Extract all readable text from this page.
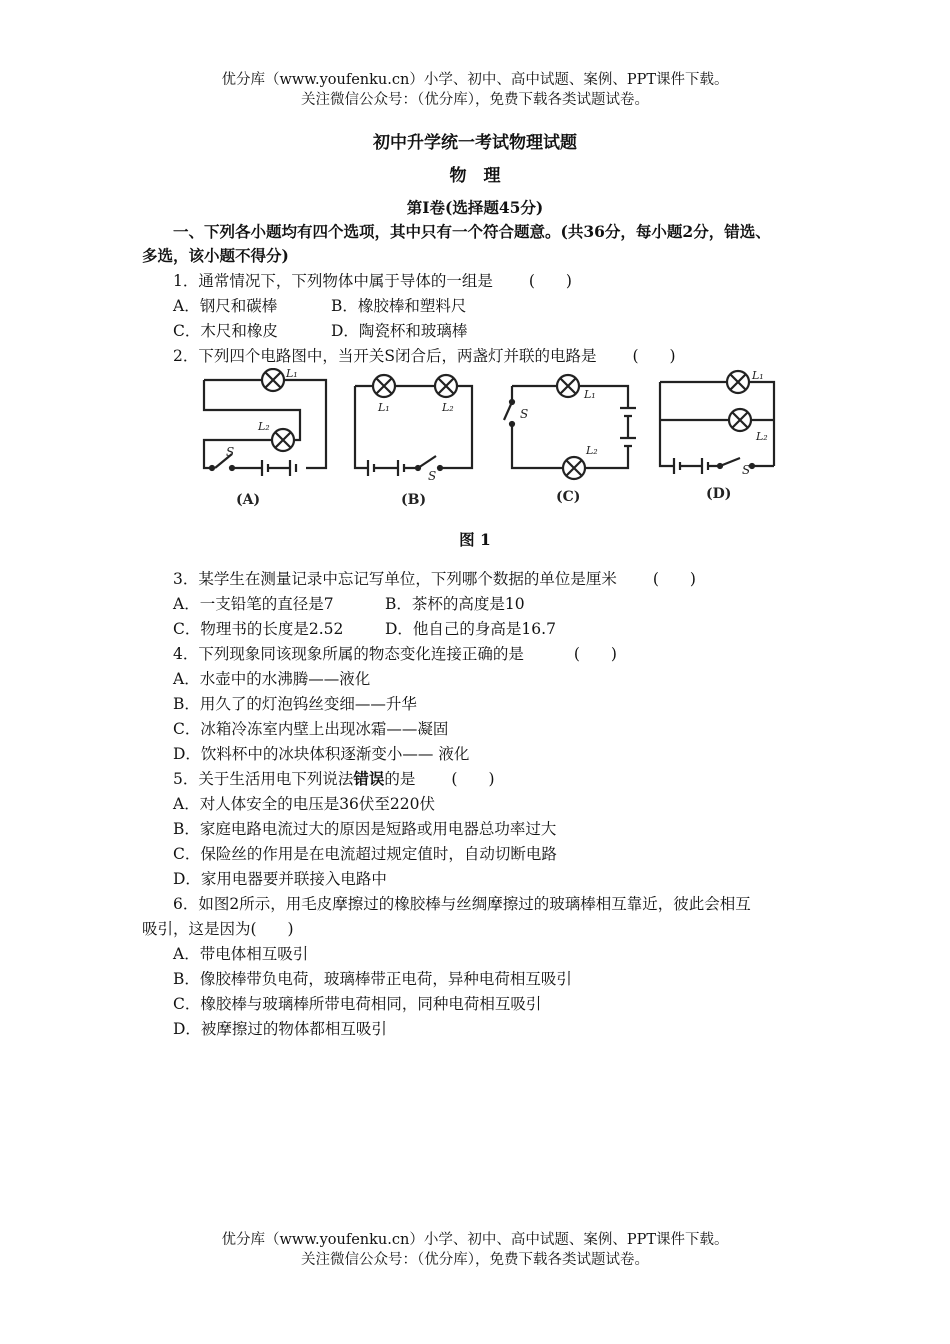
优分库（www.youfenku.cn）小学、初中、高中试题、案例、PPT课件下载。
关注微信公众号：（优分库），免费下载各类试题试卷。
初中升学统一考试物理试题
物　理
第Ⅰ卷(选择题45分)
一、下列各小题均有四个选项，其中只有一个符合题意。(共36分，每小题2分，错选、
多选，该小题不得分)
1．通常情况下，下列物体中属于导体的一组是 (　　)
A．钢尺和碳棒	B．橡胶棒和塑料尺
C．木尺和橡皮	D．陶瓷杯和玻璃棒
2．下列四个电路图中，当开关S闭合后，两盏灯并联的电路是 (　　)
L₁
L₂
S
(A)
L₁	L₂
S
(B)
L₁
L₂
S
(C)
L₁
L₂
S
(D)
图 1
3．某学生在测量记录中忘记写单位，下列哪个数据的单位是厘米 (　　)
A．一支铅笔的直径是7	B．茶杯的高度是10
C．物理书的长度是2.52	D．他自己的身高是16.7
4．下列现象同该现象所属的物态变化连接正确的是	(　　)
A．水壶中的水沸腾——液化
B．用久了的灯泡钨丝变细——升华
C．冰箱冷冻室内壁上出现冰霜——凝固
D．饮料杯中的冰块体积逐渐变小—— 液化
5．关于生活用电下列说法错误的是 (　　)
A．对人体安全的电压是36伏至220伏
B．家庭电路电流过大的原因是短路或用电器总功率过大
C．保险丝的作用是在电流超过规定值时，自动切断电路
D．家用电器要并联接入电路中
6．如图2所示，用毛皮摩擦过的橡胶棒与丝绸摩擦过的玻璃棒相互靠近，彼此会相互
吸引，这是因为(　　)
A．带电体相互吸引
B．像胶棒带负电荷，玻璃棒带正电荷，异种电荷相互吸引
C．橡胶棒与玻璃棒所带电荷相同，同种电荷相互吸引
D．被摩擦过的物体都相互吸引
优分库（www.youfenku.cn）小学、初中、高中试题、案例、PPT课件下载。
关注微信公众号：（优分库），免费下载各类试题试卷。
